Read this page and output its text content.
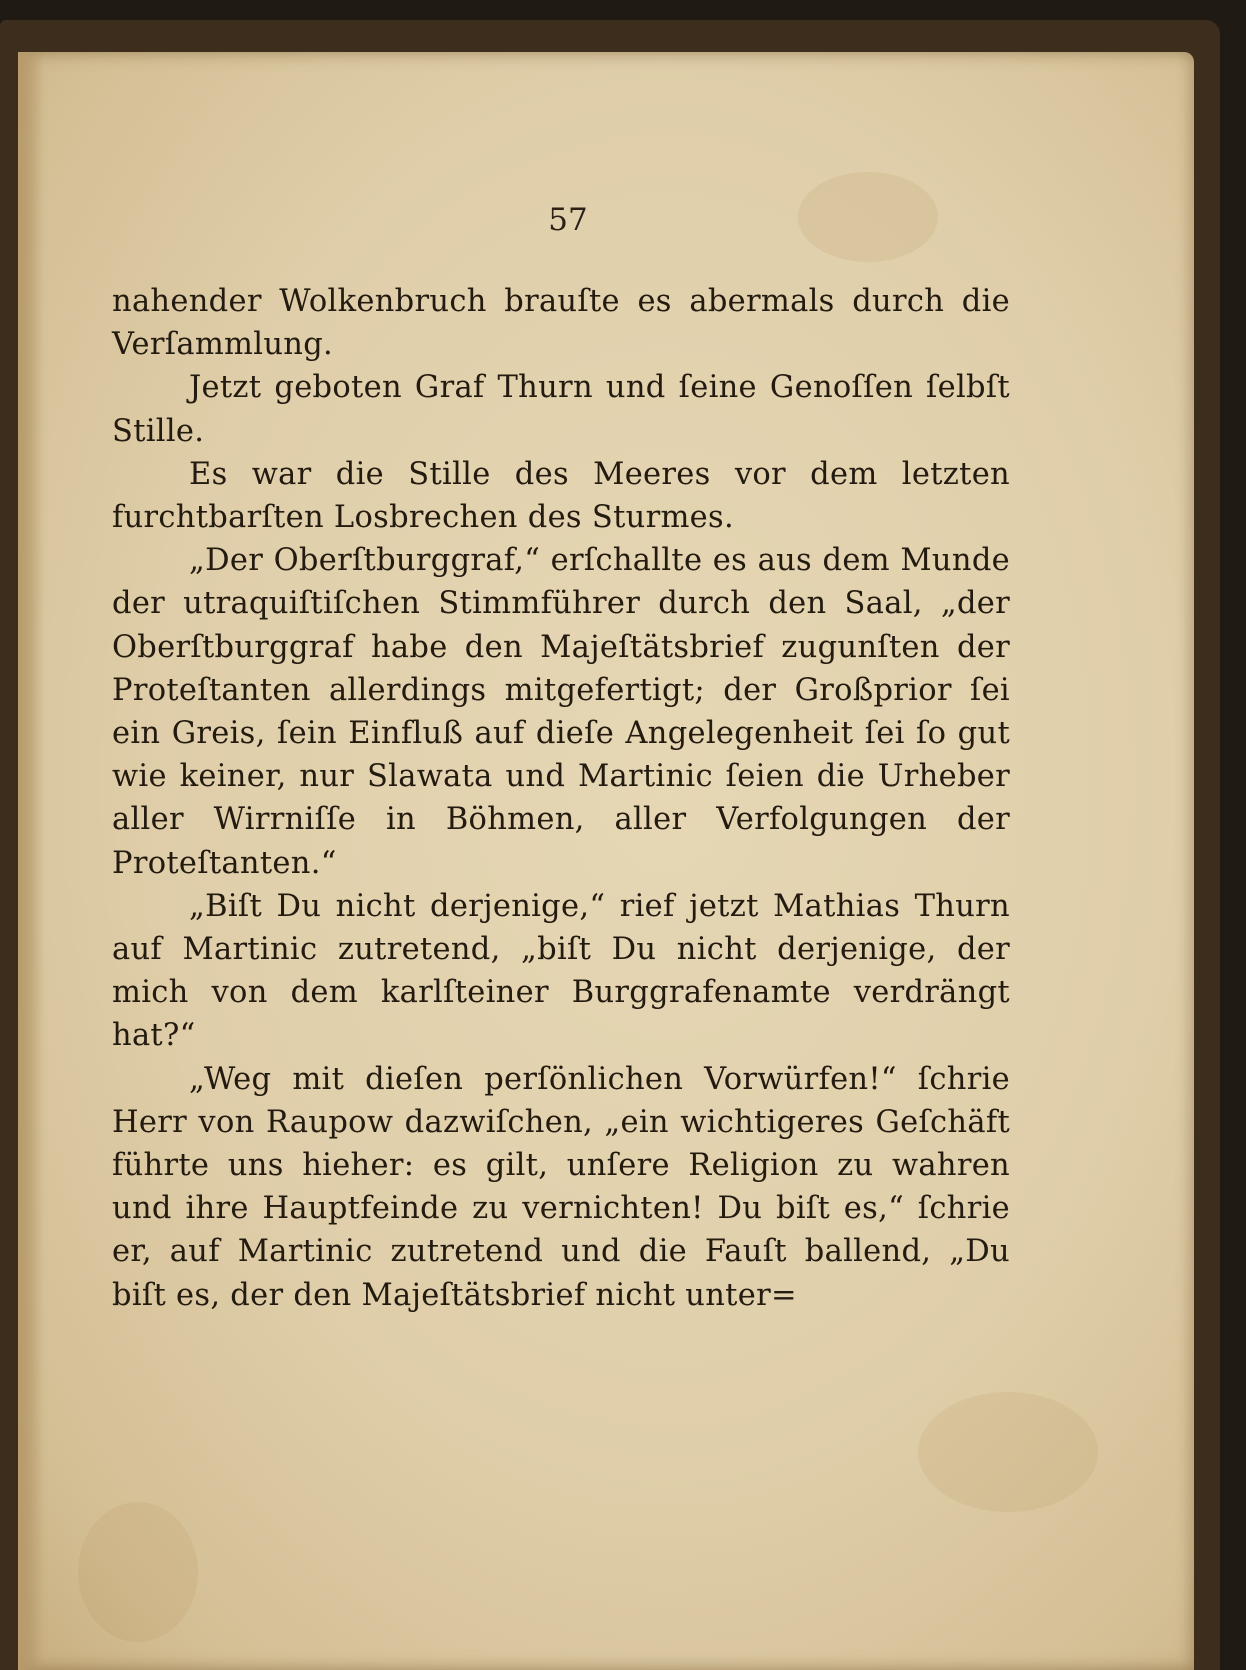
57

nahender Wolkenbruch brauſte es abermals durch die Verſammlung.

Jetzt geboten Graf Thurn und ſeine Genoſſen ſelbſt Stille.

Es war die Stille des Meeres vor dem letzten furchtbarſten Losbrechen des Sturmes.

„Der Oberſtburggraf,“ erſchallte es aus dem Munde der utraquiſtiſchen Stimmführer durch den Saal, „der Oberſtburggraf habe den Majeſtätsbrief zugunſten der Proteſtanten allerdings mitgefertigt; der Großprior ſei ein Greis, ſein Einfluß auf dieſe Angelegenheit ſei ſo gut wie keiner, nur Slawata und Martinic ſeien die Urheber aller Wirrniſſe in Böhmen, aller Verfolgungen der Proteſtanten.“

„Biſt Du nicht derjenige,“ rief jetzt Mathias Thurn auf Martinic zutretend, „biſt Du nicht derjenige, der mich von dem karlſteiner Burggrafenamte verdrängt hat?“

„Weg mit dieſen perſönlichen Vorwürfen!“ ſchrie Herr von Raupow dazwiſchen, „ein wichtigeres Geſchäft führte uns hieher: es gilt, unſere Religion zu wahren und ihre Hauptfeinde zu vernichten! Du biſt es,“ ſchrie er, auf Martinic zutretend und die Fauſt ballend, „Du biſt es, der den Majeſtätsbrief nicht unter=
